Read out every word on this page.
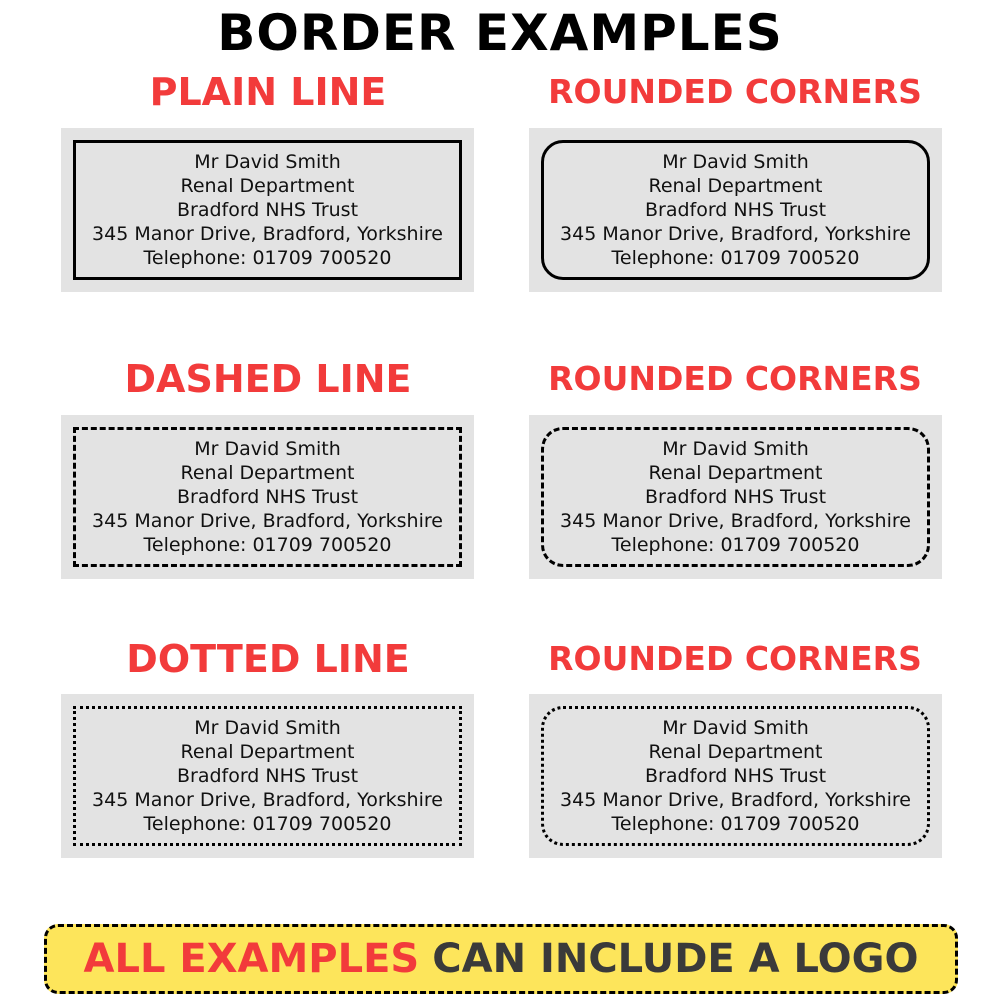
BORDER EXAMPLES
PLAIN LINE	ROUNDED CORNERS
Mr David Smith
Renal Department
Bradford NHS Trust
345 Manor Drive, Bradford, Yorkshire
Telephone: 01709 700520
Mr David Smith
Renal Department
Bradford NHS Trust
345 Manor Drive, Bradford, Yorkshire
Telephone: 01709 700520
DASHED LINE	ROUNDED CORNERS
Mr David Smith
Renal Department
Bradford NHS Trust
345 Manor Drive, Bradford, Yorkshire
Telephone: 01709 700520
Mr David Smith
Renal Department
Bradford NHS Trust
345 Manor Drive, Bradford, Yorkshire
Telephone: 01709 700520
DOTTED LINE	ROUNDED CORNERS
Mr David Smith
Renal Department
Bradford NHS Trust
345 Manor Drive, Bradford, Yorkshire
Telephone: 01709 700520
Mr David Smith
Renal Department
Bradford NHS Trust
345 Manor Drive, Bradford, Yorkshire
Telephone: 01709 700520
ALL EXAMPLES CAN INCLUDE A LOGO
